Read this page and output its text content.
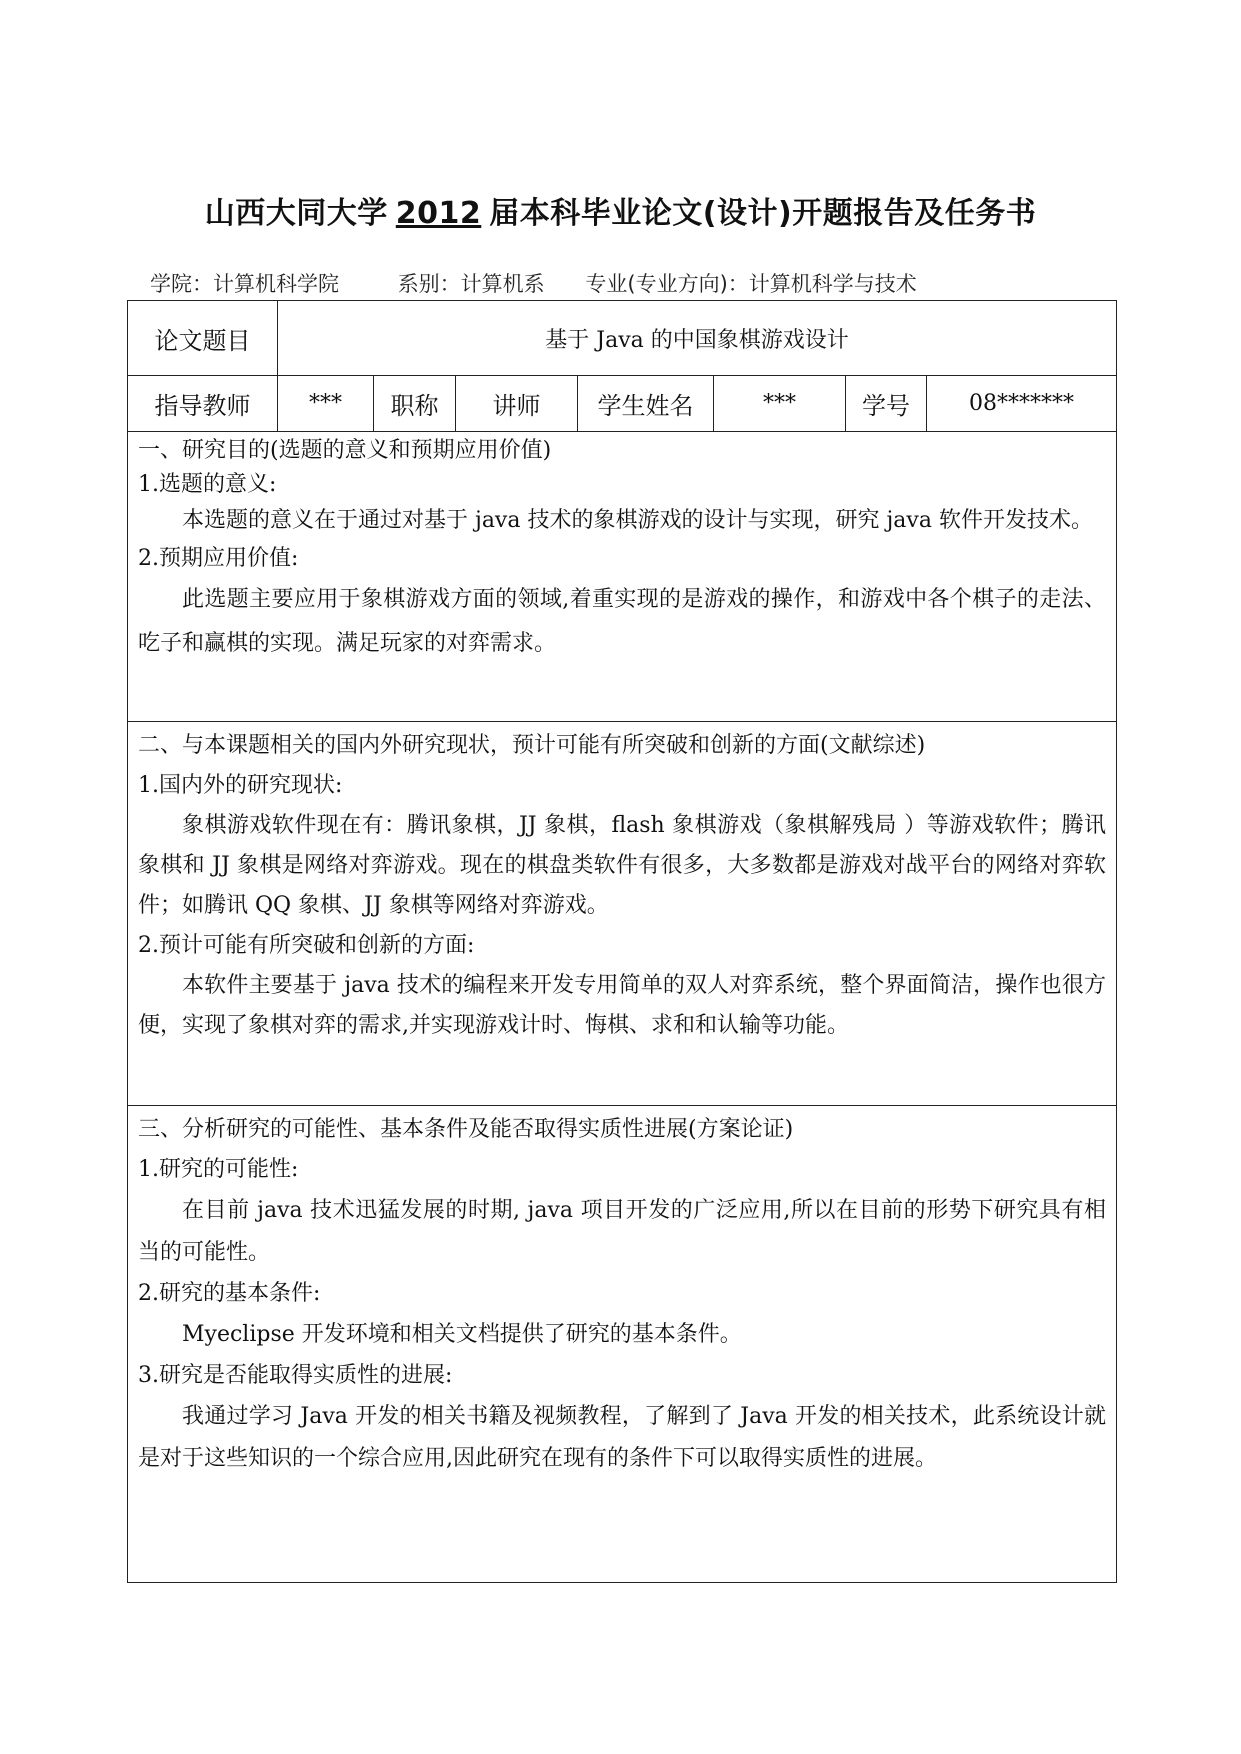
山西大同大学 2012 届本科毕业论文(设计)开题报告及任务书
学院：计算机科学院	系别：计算机系 专业(专业方向)：计算机科学与技术
论文题目	基于 Java 的中国象棋游戏设计
指导教师	***	职称	讲师	学生姓名	***	学号	08*******
一、研究目的(选题的意义和预期应用价值)
1.选题的意义:
本选题的意义在于通过对基于 java 技术的象棋游戏的设计与实现，研究 java 软件开发技术。
2.预期应用价值:
此选题主要应用于象棋游戏方面的领域,着重实现的是游戏的操作，和游戏中各个棋子的走法、吃子和赢棋的实现。满足玩家的对弈需求。
二、与本课题相关的国内外研究现状，预计可能有所突破和创新的方面(文献综述)
1.国内外的研究现状:
象棋游戏软件现在有：腾讯象棋，JJ 象棋，flash 象棋游戏（象棋解残局 ）等游戏软件；腾讯象棋和 JJ 象棋是网络对弈游戏。现在的棋盘类软件有很多，大多数都是游戏对战平台的网络对弈软件；如腾讯 QQ 象棋、JJ 象棋等网络对弈游戏。
2.预计可能有所突破和创新的方面:
本软件主要基于 java 技术的编程来开发专用简单的双人对弈系统，整个界面简洁，操作也很方便，实现了象棋对弈的需求,并实现游戏计时、悔棋、求和和认输等功能。
三、分析研究的可能性、基本条件及能否取得实质性进展(方案论证)
1.研究的可能性:
在目前 java 技术迅猛发展的时期, java 项目开发的广泛应用,所以在目前的形势下研究具有相当的可能性。
2.研究的基本条件:
Myeclipse 开发环境和相关文档提供了研究的基本条件。
3.研究是否能取得实质性的进展:
我通过学习 Java 开发的相关书籍及视频教程，了解到了 Java 开发的相关技术，此系统设计就是对于这些知识的一个综合应用,因此研究在现有的条件下可以取得实质性的进展。
